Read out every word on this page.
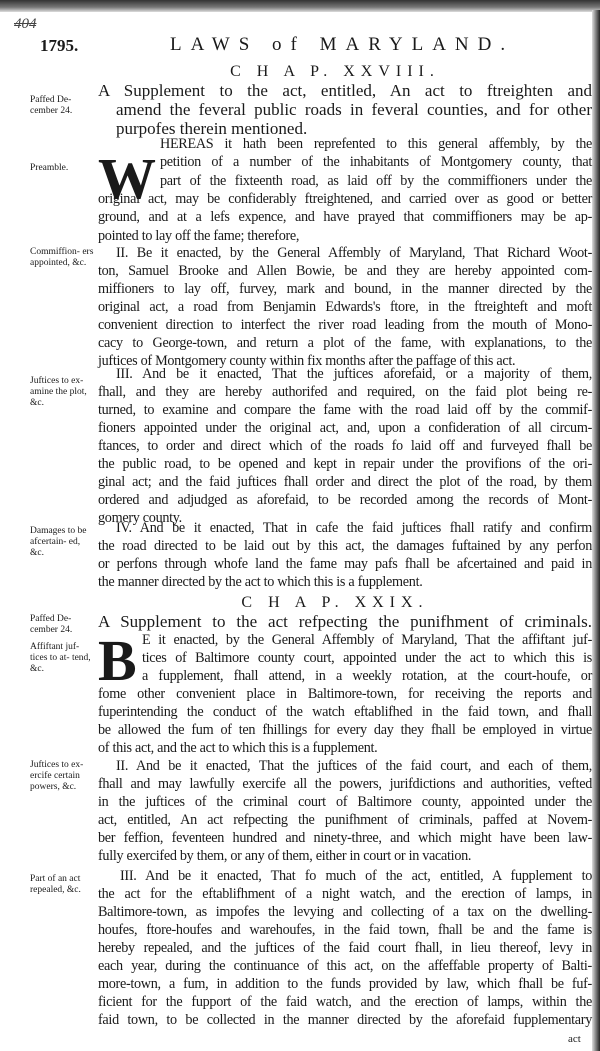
404
1795.	LAWS of MARYLAND.
C H A P. XXVIII.
C H A P. XXIX.
Paffed De- cember 24.
Preamble.
Commiffion- ers appointed, &c.
Juftices to ex- amine the plot, &c.
Damages to be afcertain- ed, &c.
Paffed De- cember 24.
Affiftant juf- tices to at- tend, &c.
Juftices to ex- ercife certain powers, &c.
Part of an act repealed, &c.
W
B
A Supplement to the act, entitled, An act to ftreighten and
amend the feveral public roads in feveral counties, and for other
purpofes therein mentioned.
HEREAS it hath been reprefented to this general affembly, by the
petition of a number of the inhabitants of Montgomery county, that
part of the fixteenth road, as laid off by the commiffioners under the
original act, may be confiderably ftreightened, and carried over as good or better
ground, and at a lefs expence, and have prayed that commiffioners may be ap-
pointed to lay off the fame; therefore,
II. Be it enacted, by the General Affembly of Maryland, That Richard Woot-
ton, Samuel Brooke and Allen Bowie, be and they are hereby appointed com-
miffioners to lay off, furvey, mark and bound, in the manner directed by the
original act, a road from Benjamin Edwards's ftore, in the ftreighteft and moft
convenient direction to interfect the river road leading from the mouth of Mono-
cacy to George-town, and return a plot of the fame, with explanations, to the
juftices of Montgomery county within fix months after the paffage of this act.
III. And be it enacted, That the juftices aforefaid, or a majority of them,
fhall, and they are hereby authorifed and required, on the faid plot being re-
turned, to examine and compare the fame with the road laid off by the commif-
fioners appointed under the original act, and, upon a confideration of all circum-
ftances, to order and direct which of the roads fo laid off and furveyed fhall be
the public road, to be opened and kept in repair under the provifions of the ori-
ginal act; and the faid juftices fhall order and direct the plot of the road, by them
ordered and adjudged as aforefaid, to be recorded among the records of Mont-
gomery county.
IV. And be it enacted, That in cafe the faid juftices fhall ratify and confirm
the road directed to be laid out by this act, the damages fuftained by any perfon
or perfons through whofe land the fame may pafs fhall be afcertained and paid in
the manner directed by the act to which this is a fupplement.
A Supplement to the act refpecting the punifhment of criminals.
E it enacted, by the General Affembly of Maryland, That the affiftant juf-
tices of Baltimore county court, appointed under the act to which this is
a fupplement, fhall attend, in a weekly rotation, at the court-houfe, or
fome other convenient place in Baltimore-town, for receiving the reports and
fuperintending the conduct of the watch eftablifhed in the faid town, and fhall
be allowed the fum of ten fhillings for every day they fhall be employed in virtue
of this act, and the act to which this is a fupplement.
II. And be it enacted, That the juftices of the faid court, and each of them,
fhall and may lawfully exercife all the powers, jurifdictions and authorities, vefted
in the juftices of the criminal court of Baltimore county, appointed under the
act, entitled, An act refpecting the punifhment of criminals, paffed at Novem-
ber feffion, feventeen hundred and ninety-three, and which might have been law-
fully exercifed by them, or any of them, either in court or in vacation.
III. And be it enacted, That fo much of the act, entitled, A fupplement to
the act for the eftablifhment of a night watch, and the erection of lamps, in
Baltimore-town, as impofes the levying and collecting of a tax on the dwelling-
houfes, ftore-houfes and warehoufes, in the faid town, fhall be and the fame is
hereby repealed, and the juftices of the faid court fhall, in lieu thereof, levy in
each year, during the continuance of this act, on the affeffable property of Balti-
more-town, a fum, in addition to the funds provided by law, which fhall be fuf-
ficient for the fupport of the faid watch, and the erection of lamps, within the
faid town, to be collected in the manner directed by the aforefaid fupplementary
act
